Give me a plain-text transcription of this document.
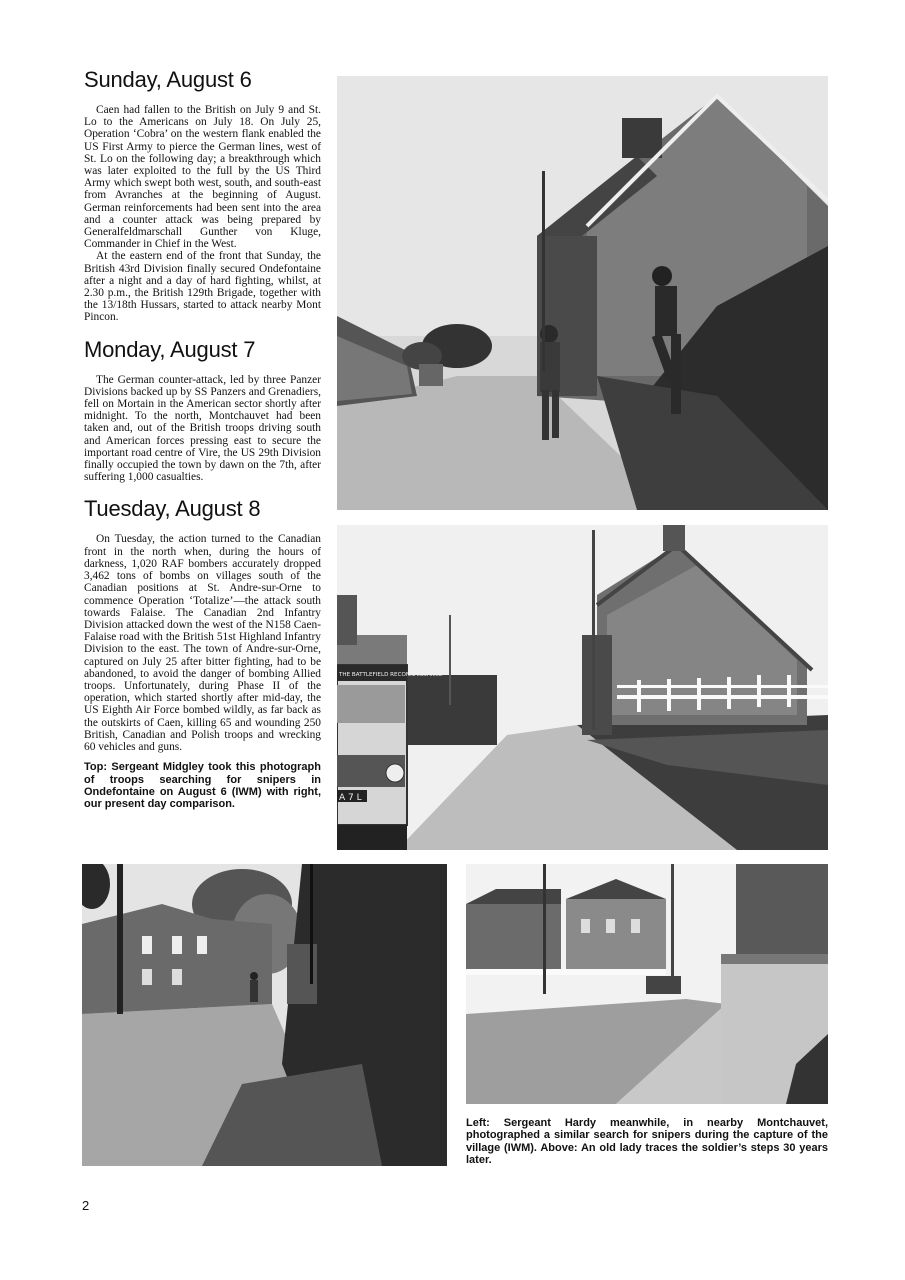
Sunday, August 6

Caen had fallen to the British on July 9 and St. Lo to the Americans on July 18. On July 25, Operation ‘Cobra’ on the western flank enabled the US First Army to pierce the German lines, west of St. Lo on the following day; a breakthrough which was later exploited to the full by the US Third Army which swept both west, south, and south-east from Avranches at the beginning of August. German reinforcements had been sent into the area and a counter attack was being prepared by Generalfeldmarschall Gunther von Kluge, Commander in Chief in the West.

At the eastern end of the front that Sunday, the British 43rd Division finally secured Ondefontaine after a night and a day of hard fighting, whilst, at 2.30 p.m., the British 129th Brigade, together with the 13/18th Hussars, started to attack nearby Mont Pincon.

Monday, August 7

The German counter-attack, led by three Panzer Divisions backed up by SS Panzers and Grenadiers, fell on Mortain in the American sector shortly after midnight. To the north, Montchauvet had been taken and, out of the British troops driving south and American forces pressing east to secure the important road centre of Vire, the US 29th Division finally occupied the town by dawn on the 7th, after suffering 1,000 casualties.

Tuesday, August 8

On Tuesday, the action turned to the Canadian front in the north when, during the hours of darkness, 1,020 RAF bombers accurately dropped 3,462 tons of bombs on villages south of the Canadian positions at St. Andre-sur-Orne to commence Operation ‘Totalize’—the attack south towards Falaise. The Canadian 2nd Infantry Division attacked down the west of the N158 Caen-Falaise road with the British 51st Highland Infantry Division to the east. The town of Andre-sur-Orne, captured on July 25 after bitter fighting, had to be abandoned, to avoid the danger of bombing Allied troops. Unfortunately, during Phase II of the operation, which started shortly after mid-day, the US Eighth Air Force bombed wildly, as far back as the outskirts of Caen, killing 65 and wounding 250 British, Canadian and Polish troops and wrecking 60 vehicles and guns.

Top: Sergeant Midgley took this photograph of troops searching for snipers in Ondefontaine on August 6 (IWM) with right, our present day comparison.

THE BATTLEFIELD RECONNAISSANCE
A 7 L

Left: Sergeant Hardy meanwhile, in nearby Montchauvet, photographed a similar search for snipers during the capture of the village (IWM). Above: An old lady traces the soldier’s steps 30 years later.

2
